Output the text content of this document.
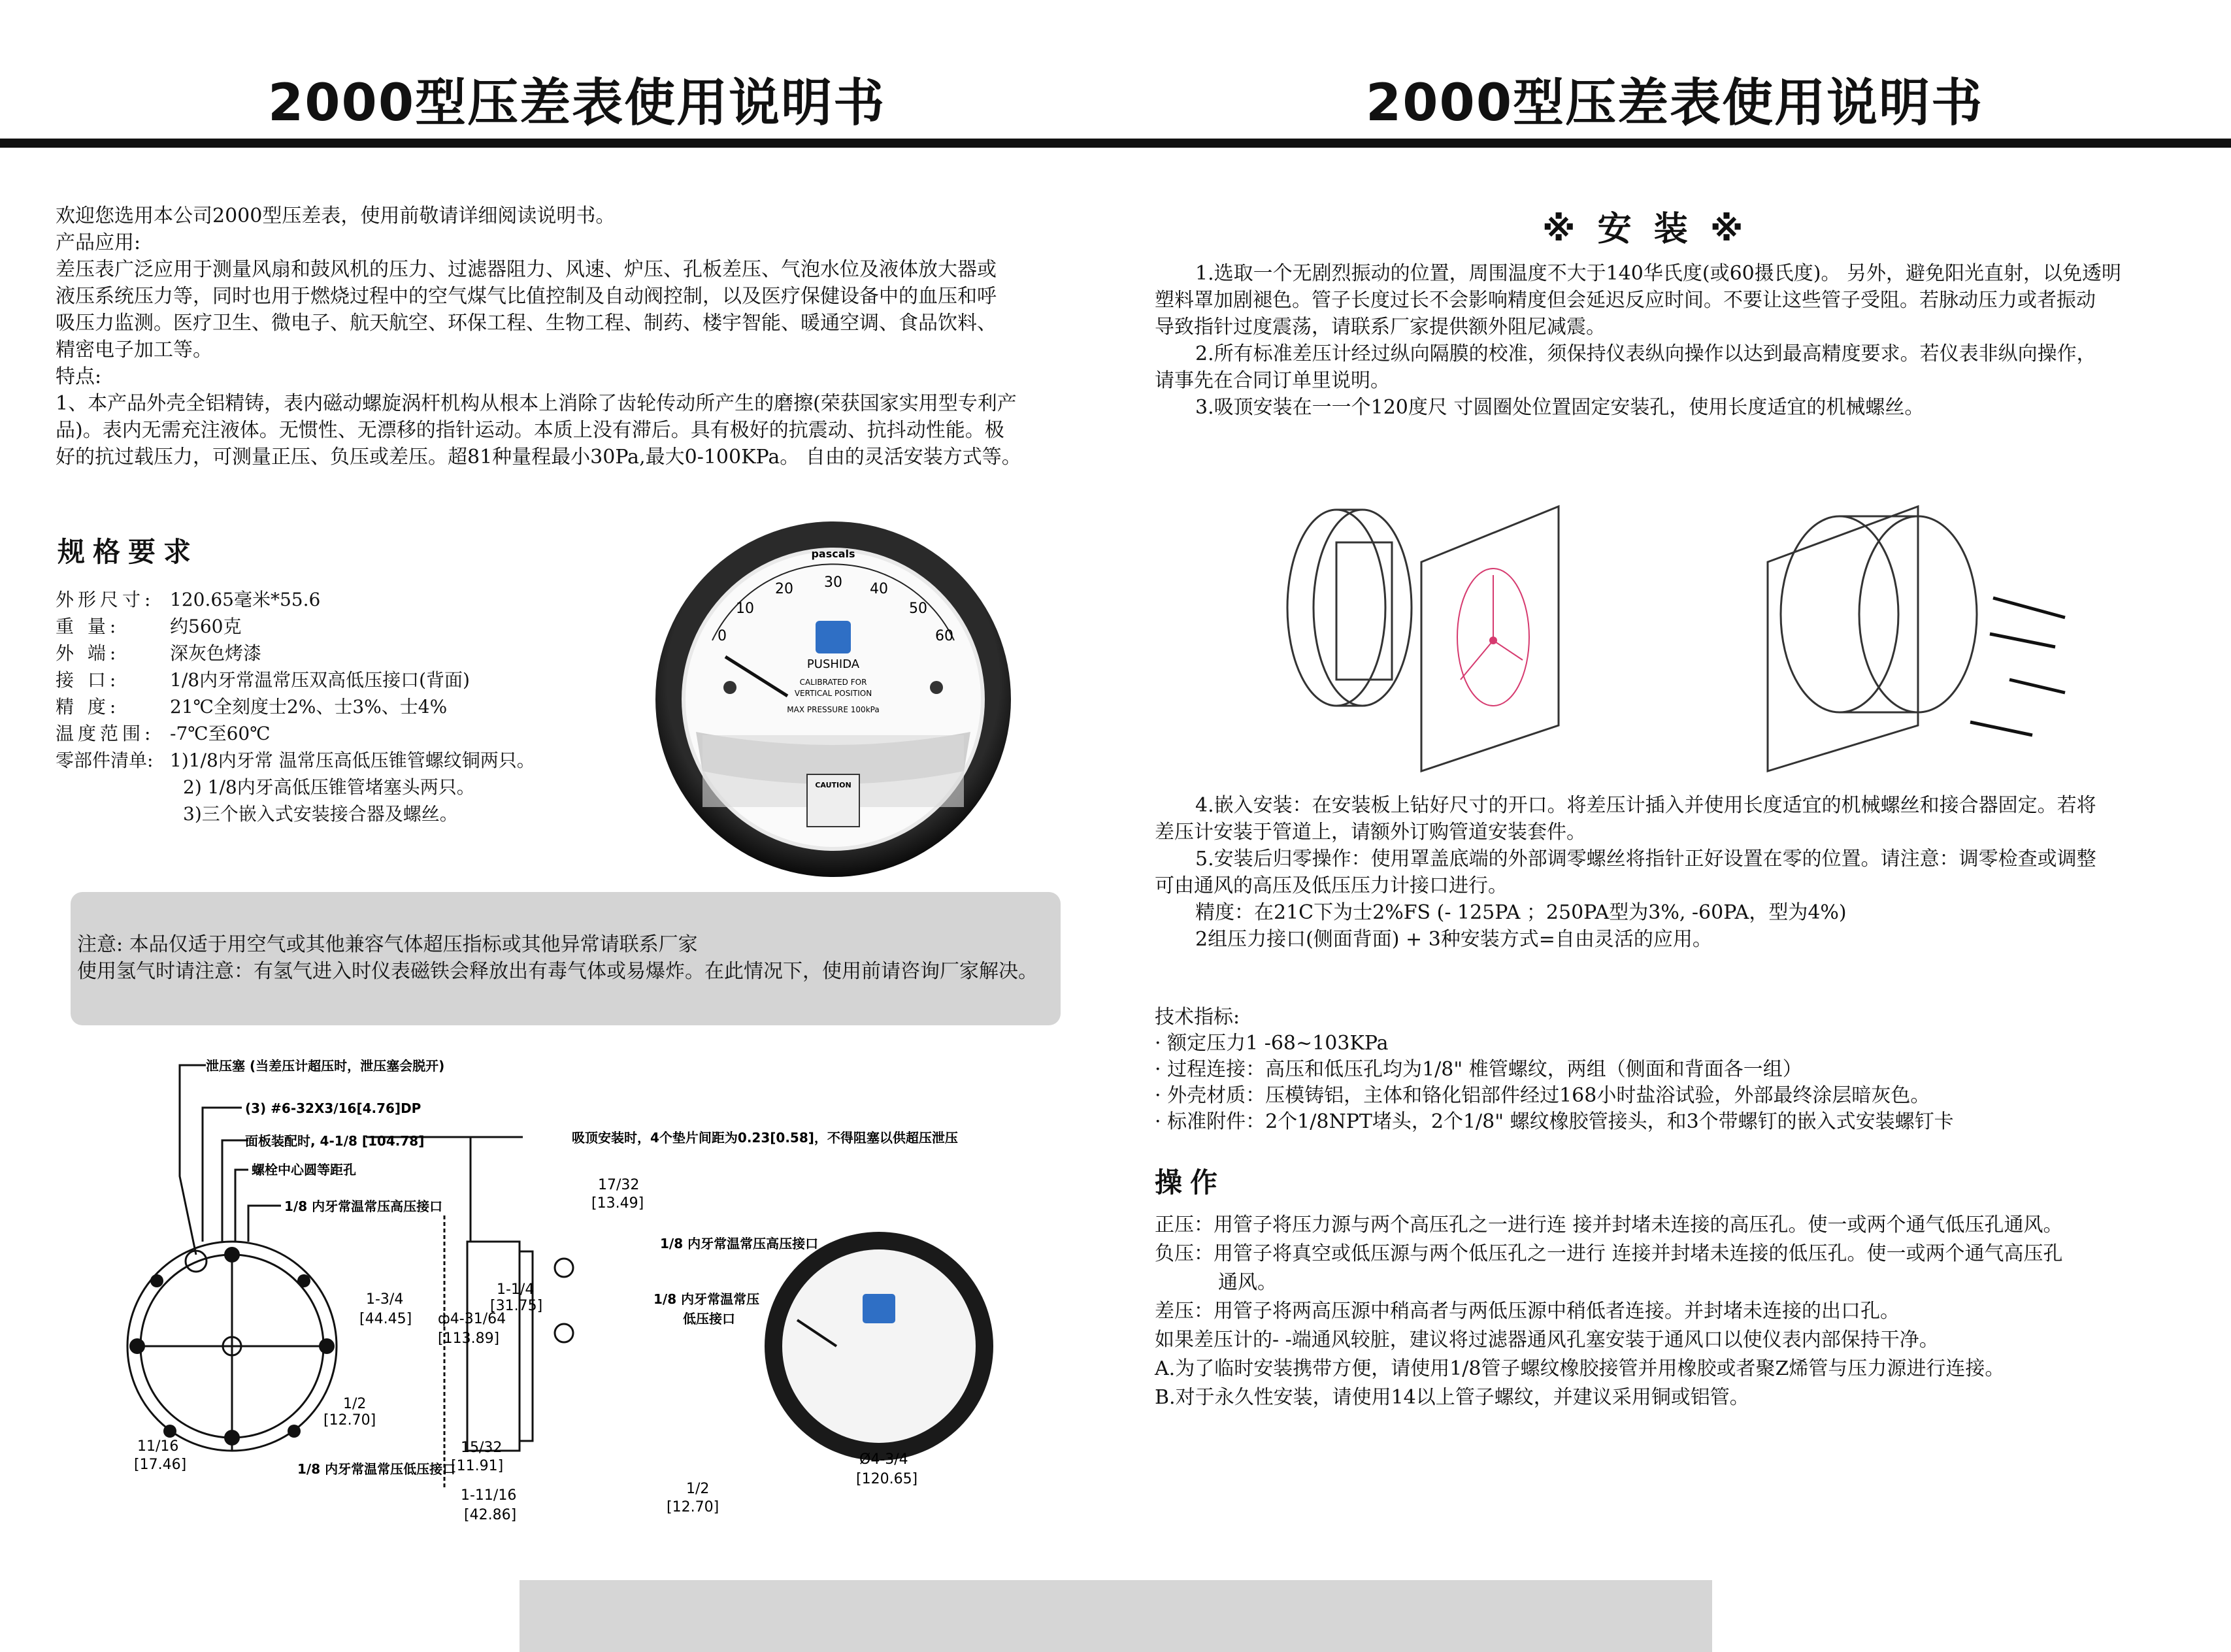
2000型压差表使用说明书	2000型压差表使用说明书
欢迎您选用本公司2000型压差表，使用前敬请详细阅读说明书。
产品应用:
差压表广泛应用于测量风扇和鼓风机的压力、过滤器阻力、风速、炉压、孔板差压、气泡水位及液体放大器或
液压系统压力等，同时也用于燃烧过程中的空气煤气比值控制及自动阀控制，以及医疗保健设备中的血压和呼
吸压力监测。医疗卫生、微电子、航天航空、环保工程、生物工程、制药、楼宇智能、暖通空调、食品饮料、
精密电子加工等。
特点:
1、本产品外壳全铝精铸，表内磁动螺旋涡杆机构从根本上消除了齿轮传动所产生的磨擦(荣获国家实用型专利产
品)。表内无需充注液体。无惯性、无漂移的指针运动。本质上没有滞后。具有极好的抗震动、抗抖动性能。极
好的抗过载压力，可测量正压、负压或差压。超81种量程最小30Pa,最大0-100KPa。 自由的灵活安装方式等。
规格要求
外形尺寸: 120.65毫米*55.6
重 量:	约560克
外 端:	深灰色烤漆
接 口:	1/8内牙常温常压双高低压接口(背面)
精 度:	21℃全刻度士2%、士3%、士4%
温度范围: -7℃至60℃
零部件清单: 1)1/8内牙常 温常压高低压锥管螺纹铜两只。
2) 1/8内牙高低压锥管堵塞头两只。
3)三个嵌入式安装接合器及螺丝。
pascals
0
10
20 30 40
50
60
PUSHIDA
CALIBRATED FOR
VERTICAL POSITION
MAX PRESSURE 100kPa
CAUTION
注意: 本品仅适于用空气或其他兼容气体超压指标或其他异常请联系厂家
使用氢气时请注意：有氢气进入时仪表磁铁会释放出有毒气体或易爆炸。在此情况下，使用前请咨询厂家解决。
泄压塞 (当差压计超压时，泄压塞会脱开)
(3) #6-32X3/16[4.76]DP
面板装配时, 4-1/8 [104.78]
螺栓中心圆等距孔
1/8 内牙常温常压高压接口
1/8 内牙常温常压低压接口
吸顶安装时，4个垫片间距为0.23[0.58]，不得阻塞以供超压泄压
1/8 内牙常温常压高压接口
1/8 内牙常温常压
低压接口
17/32
[13.49]
1-3/4
[44.45]
1-1/4
[31.75]
ф4-31/64
[113.89]
1/2
[12.70]
11/16
[17.46]
15/32
[11.91]
1-11/16
[42.86]
1/2
[12.70]
Ø4-3/4
[120.65]
※ 安 装 ※
1.选取一个无剧烈振动的位置，周围温度不大于140华氏度(或60摄氏度)。 另外，避免阳光直射，以免透明
塑料罩加剧褪色。管子长度过长不会影响精度但会延迟反应时间。不要让这些管子受阻。若脉动压力或者振动
导致指针过度震荡，请联系厂家提供额外阻尼减震。
2.所有标准差压计经过纵向隔膜的校准，须保持仪表纵向操作以达到最高精度要求。若仪表非纵向操作，
请事先在合同订单里说明。
3.吸顶安装在一一个120度尺 寸圆圈处位置固定安装孔，使用长度适宜的机械螺丝。
4.嵌入安装：在安装板上钻好尺寸的开口。将差压计插入并使用长度适宜的机械螺丝和接合器固定。若将
差压计安装于管道上，请额外订购管道安装套件。
5.安装后归零操作：使用罩盖底端的外部调零螺丝将指针正好设置在零的位置。请注意：调零检查或调整
可由通风的高压及低压压力计接口进行。
精度：在21C下为士2%FS (- 125PA ；250PA型为3%, -60PA，型为4%)
2组压力接口(侧面背面) + 3种安装方式=自由灵活的应用。
技术指标:
· 额定压力1 -68~103KPa
· 过程连接：高压和低压孔均为1/8" 椎管螺纹，两组（侧面和背面各一组）
· 外壳材质：压模铸铝，主体和铬化铝部件经过168小时盐浴试验，外部最终涂层暗灰色。
· 标准附件：2个1/8NPT堵头，2个1/8" 螺纹橡胶管接头，和3个带螺钉的嵌入式安装螺钉卡
操作
正压：用管子将压力源与两个高压孔之一进行连 接并封堵未连接的高压孔。使一或两个通气低压孔通风。
负压：用管子将真空或低压源与两个低压孔之一进行 连接并封堵未连接的低压孔。使一或两个通气高压孔
通风。
差压：用管子将两高压源中稍高者与两低压源中稍低者连接。并封堵未连接的出口孔。
如果差压计的- -端通风较脏，建议将过滤器通风孔塞安装于通风口以使仪表内部保持干净。
A.为了临时安装携带方便，请使用1/8管子螺纹橡胶接管并用橡胶或者聚Z烯管与压力源进行连接。
B.对于永久性安装，请使用14以上管子螺纹，并建议采用铜或铝管。
